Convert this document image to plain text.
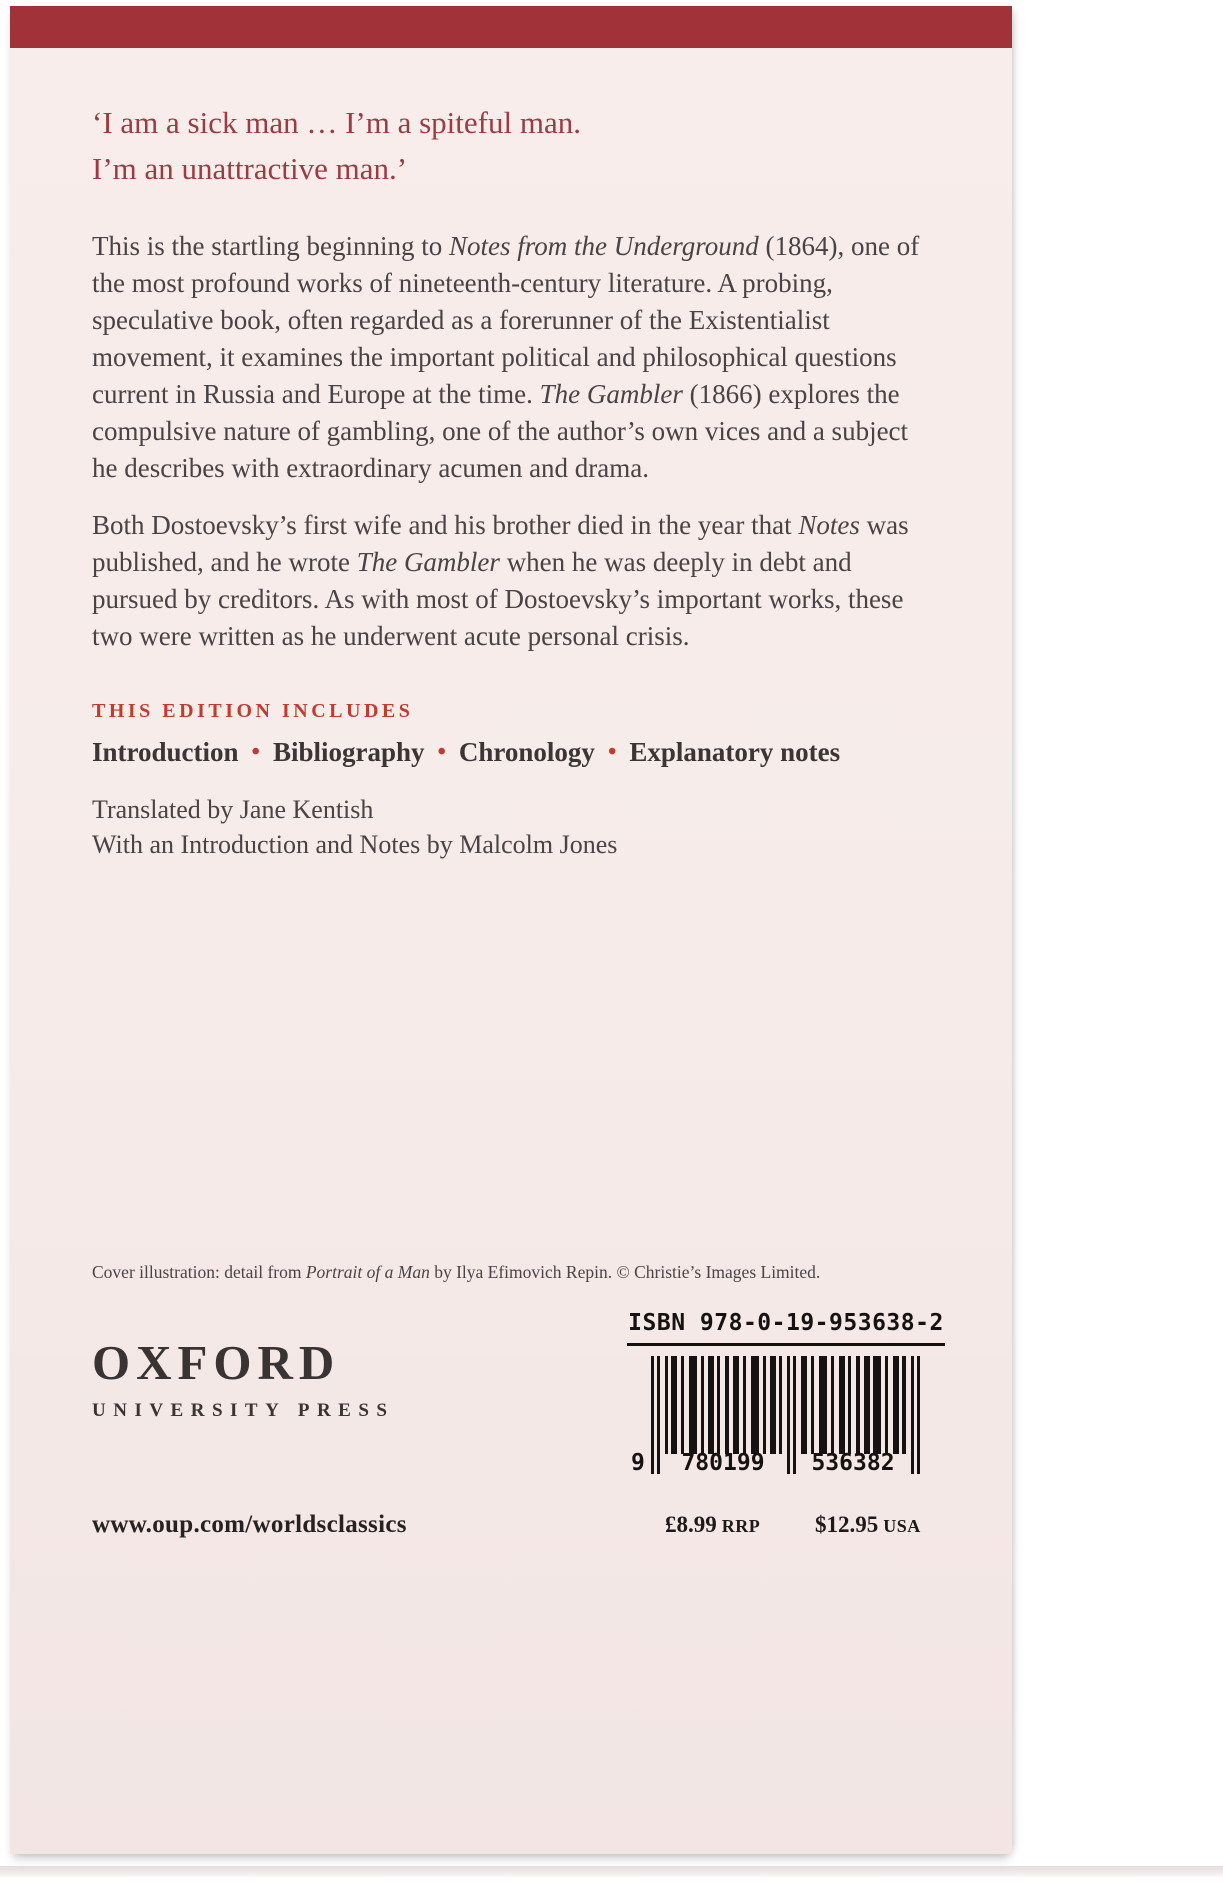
‘I am a sick man … I’m a spiteful man.
I’m an unattractive man.’
This is the startling beginning to Notes from the Underground (1864), one of the most profound works of nineteenth-century literature. A probing, speculative book, often regarded as a forerunner of the Existentialist movement, it examines the important political and philosophical questions current in Russia and Europe at the time. The Gambler (1866) explores the compulsive nature of gambling, one of the author’s own vices and a subject he describes with extraordinary acumen and drama.
Both Dostoevsky’s first wife and his brother died in the year that Notes was published, and he wrote The Gambler when he was deeply in debt and pursued by creditors. As with most of Dostoevsky’s important works, these two were written as he underwent acute personal crisis.
THIS EDITION INCLUDES
Introduction • Bibliography • Chronology • Explanatory notes
Translated by Jane Kentish
With an Introduction and Notes by Malcolm Jones
Cover illustration: detail from Portrait of a Man by Ilya Efimovich Repin. © Christie’s Images Limited.
OXFORD
UNIVERSITY PRESS
ISBN 978-0-19-953638-2
9	780199	536382
www.oup.com/worldsclassics	£8.99 RRP $12.95 USA
